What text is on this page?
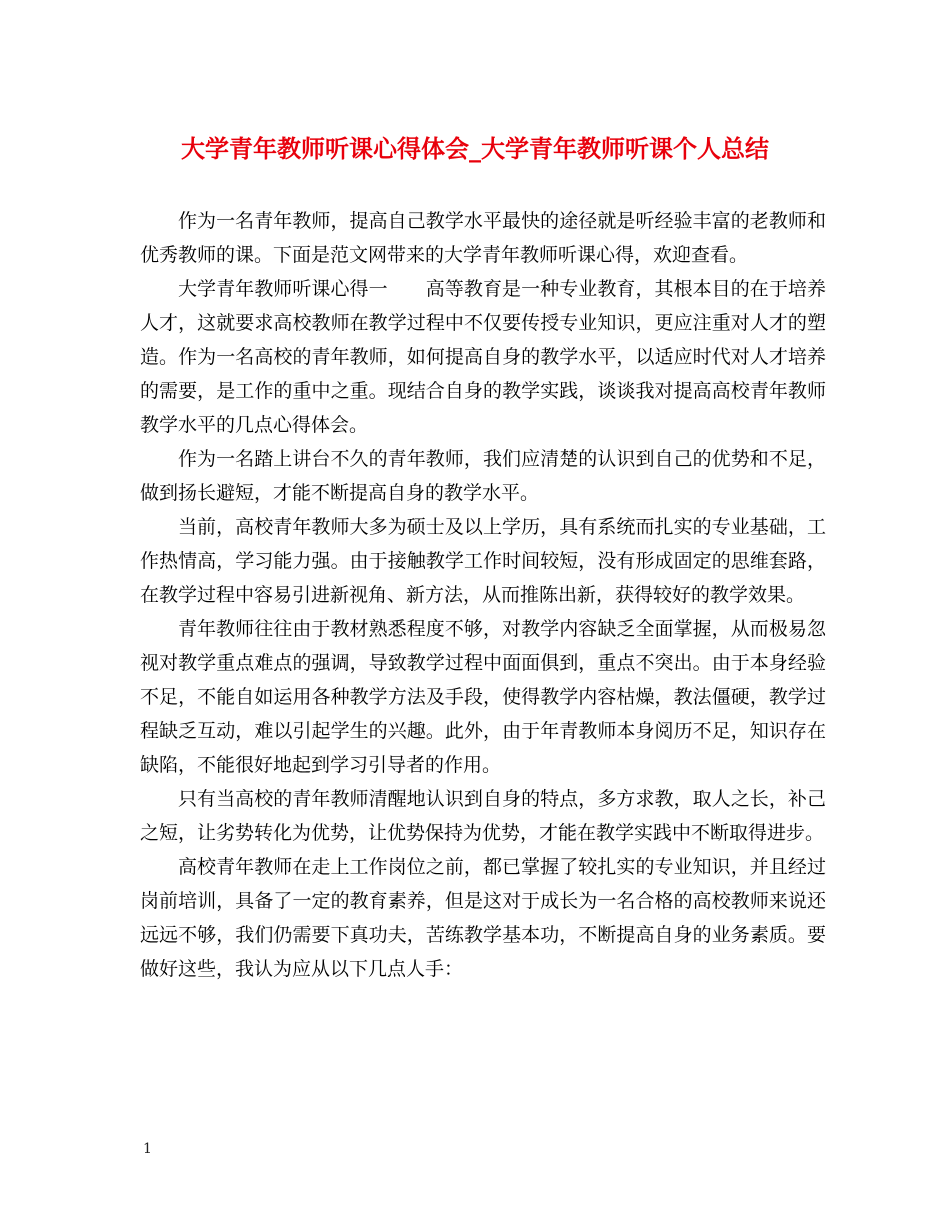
大学青年教师听课心得体会_大学青年教师听课个人总结

作为一名青年教师，提高自己教学水平最快的途径就是听经验丰富的老教师和优秀教师的课。下面是范文网带来的大学青年教师听课心得，欢迎查看。

大学青年教师听课心得一　　高等教育是一种专业教育，其根本目的在于培养人才，这就要求高校教师在教学过程中不仅要传授专业知识，更应注重对人才的塑造。作为一名高校的青年教师，如何提高自身的教学水平，以适应时代对人才培养的需要，是工作的重中之重。现结合自身的教学实践，谈谈我对提高高校青年教师教学水平的几点心得体会。

作为一名踏上讲台不久的青年教师，我们应清楚的认识到自己的优势和不足，做到扬长避短，才能不断提高自身的教学水平。

当前，高校青年教师大多为硕士及以上学历，具有系统而扎实的专业基础，工作热情高，学习能力强。由于接触教学工作时间较短，没有形成固定的思维套路，在教学过程中容易引进新视角、新方法，从而推陈出新，获得较好的教学效果。

青年教师往往由于教材熟悉程度不够，对教学内容缺乏全面掌握，从而极易忽视对教学重点难点的强调，导致教学过程中面面俱到，重点不突出。由于本身经验不足，不能自如运用各种教学方法及手段，使得教学内容枯燥，教法僵硬，教学过程缺乏互动，难以引起学生的兴趣。此外，由于年青教师本身阅历不足，知识存在缺陷，不能很好地起到学习引导者的作用。

只有当高校的青年教师清醒地认识到自身的特点，多方求教，取人之长，补己之短，让劣势转化为优势，让优势保持为优势，才能在教学实践中不断取得进步。

高校青年教师在走上工作岗位之前，都已掌握了较扎实的专业知识，并且经过岗前培训，具备了一定的教育素养，但是这对于成长为一名合格的高校教师来说还远远不够，我们仍需要下真功夫，苦练教学基本功，不断提高自身的业务素质。要做好这些，我认为应从以下几点人手：

1
